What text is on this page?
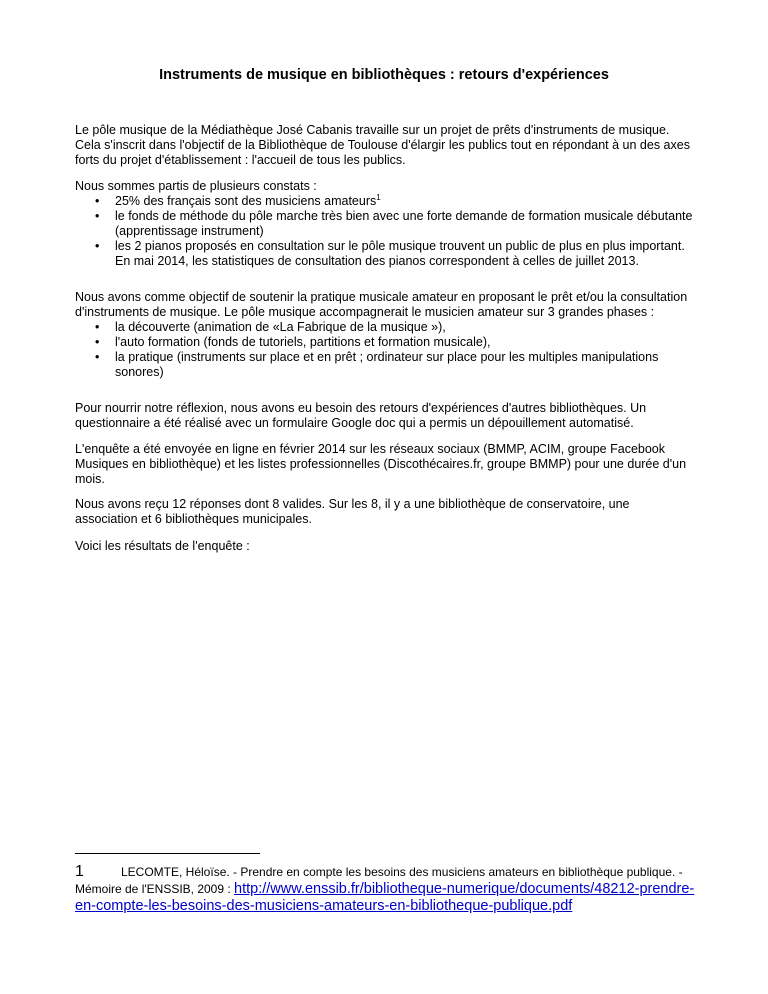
Instruments de musique en bibliothèques : retours d'expériences

Le pôle musique de la Médiathèque José Cabanis travaille sur un projet de prêts d'instruments de musique. Cela s'inscrit dans l'objectif de la Bibliothèque de Toulouse d'élargir les publics tout en répondant à un des axes forts du projet d'établissement : l'accueil de tous les publics.

Nous sommes partis de plusieurs constats :

• 25% des français sont des musiciens amateurs$^1$
• le fonds de méthode du pôle marche très bien avec une forte demande de formation musicale débutante (apprentissage instrument)
• les 2 pianos proposés en consultation sur le pôle musique trouvent un public de plus en plus important. En mai 2014, les statistiques de consultation des pianos correspondent à celles de juillet 2013.

Nous avons comme objectif de soutenir la pratique musicale amateur en proposant le prêt et/ou la consultation d'instruments de musique. Le pôle musique accompagnerait le musicien amateur sur 3 grandes phases :

• la découverte (animation de «La Fabrique de la musique »),
• l'auto formation (fonds de tutoriels, partitions et formation musicale),
• la pratique (instruments sur place et en prêt ; ordinateur sur place pour les multiples manipulations sonores)

Pour nourrir notre réflexion, nous avons eu besoin des retours d'expériences d'autres bibliothèques. Un questionnaire a été réalisé avec un formulaire Google doc qui a permis un dépouillement automatisé.

L'enquête a été envoyée en ligne en février 2014 sur les réseaux sociaux (BMMP, ACIM, groupe Facebook Musiques en bibliothèque) et les listes professionnelles (Discothécaires.fr, groupe BMMP) pour une durée d'un mois.

Nous avons reçu 12 réponses dont 8 valides. Sur les 8, il y a une bibliothèque de conservatoire, une association et 6 bibliothèques municipales.

Voici les résultats de l'enquête :

1	LECOMTE, Héloïse. - Prendre en compte les besoins des musiciens amateurs en bibliothèque publique. - Mémoire de l'ENSSIB, 2009 : http://www.enssib.fr/bibliotheque-numerique/documents/48212-prendre-en-compte-les-besoins-des-musiciens-amateurs-en-bibliotheque-publique.pdf
